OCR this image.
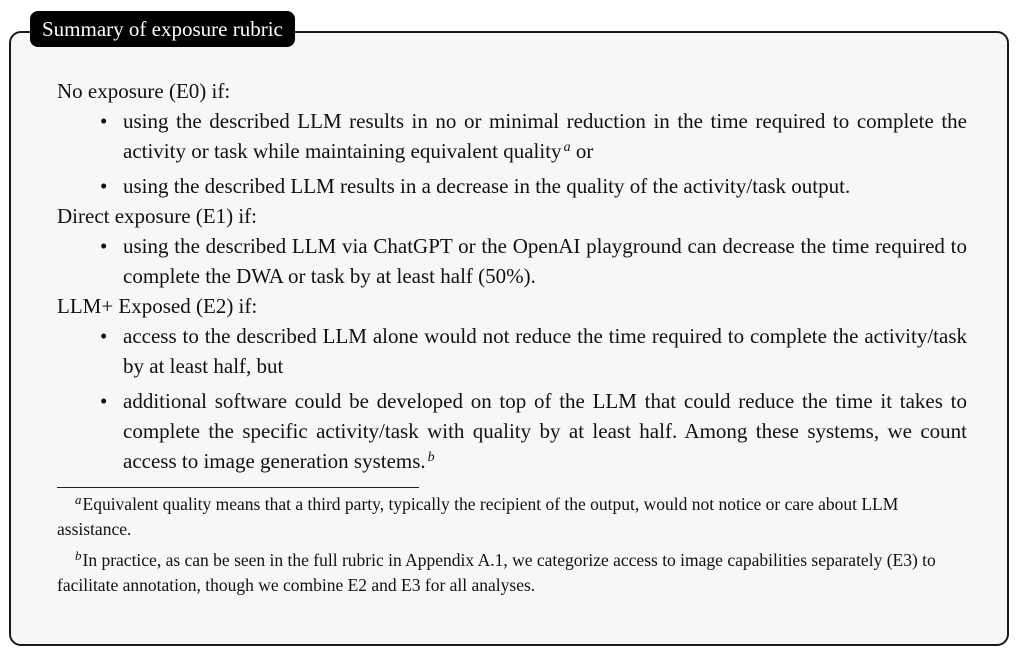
Summary of exposure rubric

No exposure (E0) if:

• using the described LLM results in no or minimal reduction in the time required to complete the activity or task while maintaining equivalent quality $^a$ or
• using the described LLM results in a decrease in the quality of the activity/task output.

Direct exposure (E1) if:

• using the described LLM via ChatGPT or the OpenAI playground can decrease the time required to complete the DWA or task by at least half (50%).

LLM+ Exposed (E2) if:

• access to the described LLM alone would not reduce the time required to complete the activity/task by at least half, but
• additional software could be developed on top of the LLM that could reduce the time it takes to complete the specific activity/task with quality by at least half. Among these systems, we count access to image generation systems. $^b$

$^a$Equivalent quality means that a third party, typically the recipient of the output, would not notice or care about LLM assistance.

$^b$In practice, as can be seen in the full rubric in Appendix A.1, we categorize access to image capabilities separately (E3) to facilitate annotation, though we combine E2 and E3 for all analyses.
